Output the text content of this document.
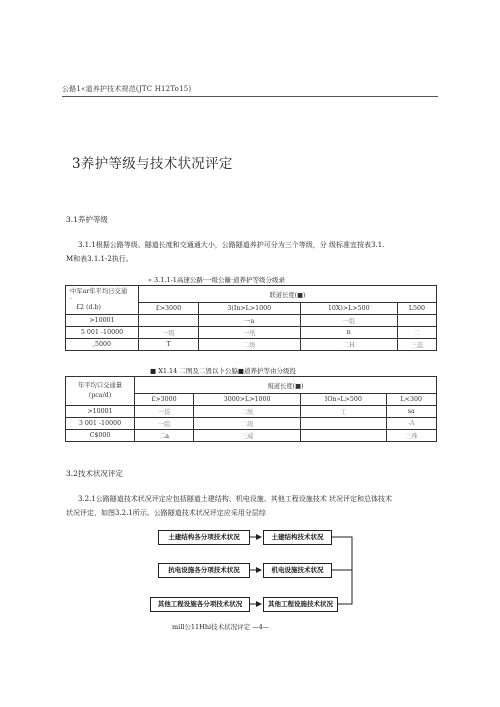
公路1«道养护技术规范(JTC H12To15)
3养护等级与技术状况评定
3.1养护等级
3.1.1根据公路等级、隧道长度和交通通大小，公路隧道养护可分为三个等级，分 级标准宜按表3.1.
M和表3.1.1-2执行。
« 3.1.1-1高速公路·一级公籬·道养护等级分级录
中军ar年平均日交通
·
£2 (d.b)	联道长度(■)			
	£>3000	3(In>L>1000	10X)>L>500	L500
>10001		一a	一组	
5 001 -10000	一级	一纸	n	二
,5000	T	二级	二H	三蕊
■ X1.14 二图及二毁以卜公脇■道养护等由分级投
年平均口交通量
(pca/d)	規道长度(■)			
	£>3000	3000>L>1000	IOn»L>500	L<300
>10001	一袋	二纸	工	sa
3 001 -10000	一组	二级		-A
C$000	二a	三威		三珠
3.2技术状况评定
3.2.1公路隧道技术状况评定应包括隧道土建结构、机电设施、其他工程设施技术 状况评定和总体技术
状况评定，如图3.2.1所示。公路隧道技术状况评定应采用分层综
土建结构各分项技术状况
抗电设施各分项技术状况
其他工程设施各分项技术状况
土建结构技术状况
机电设施技术状况
其他工程设施技术状况
mill公11Hhi技术状况评定 —4—
